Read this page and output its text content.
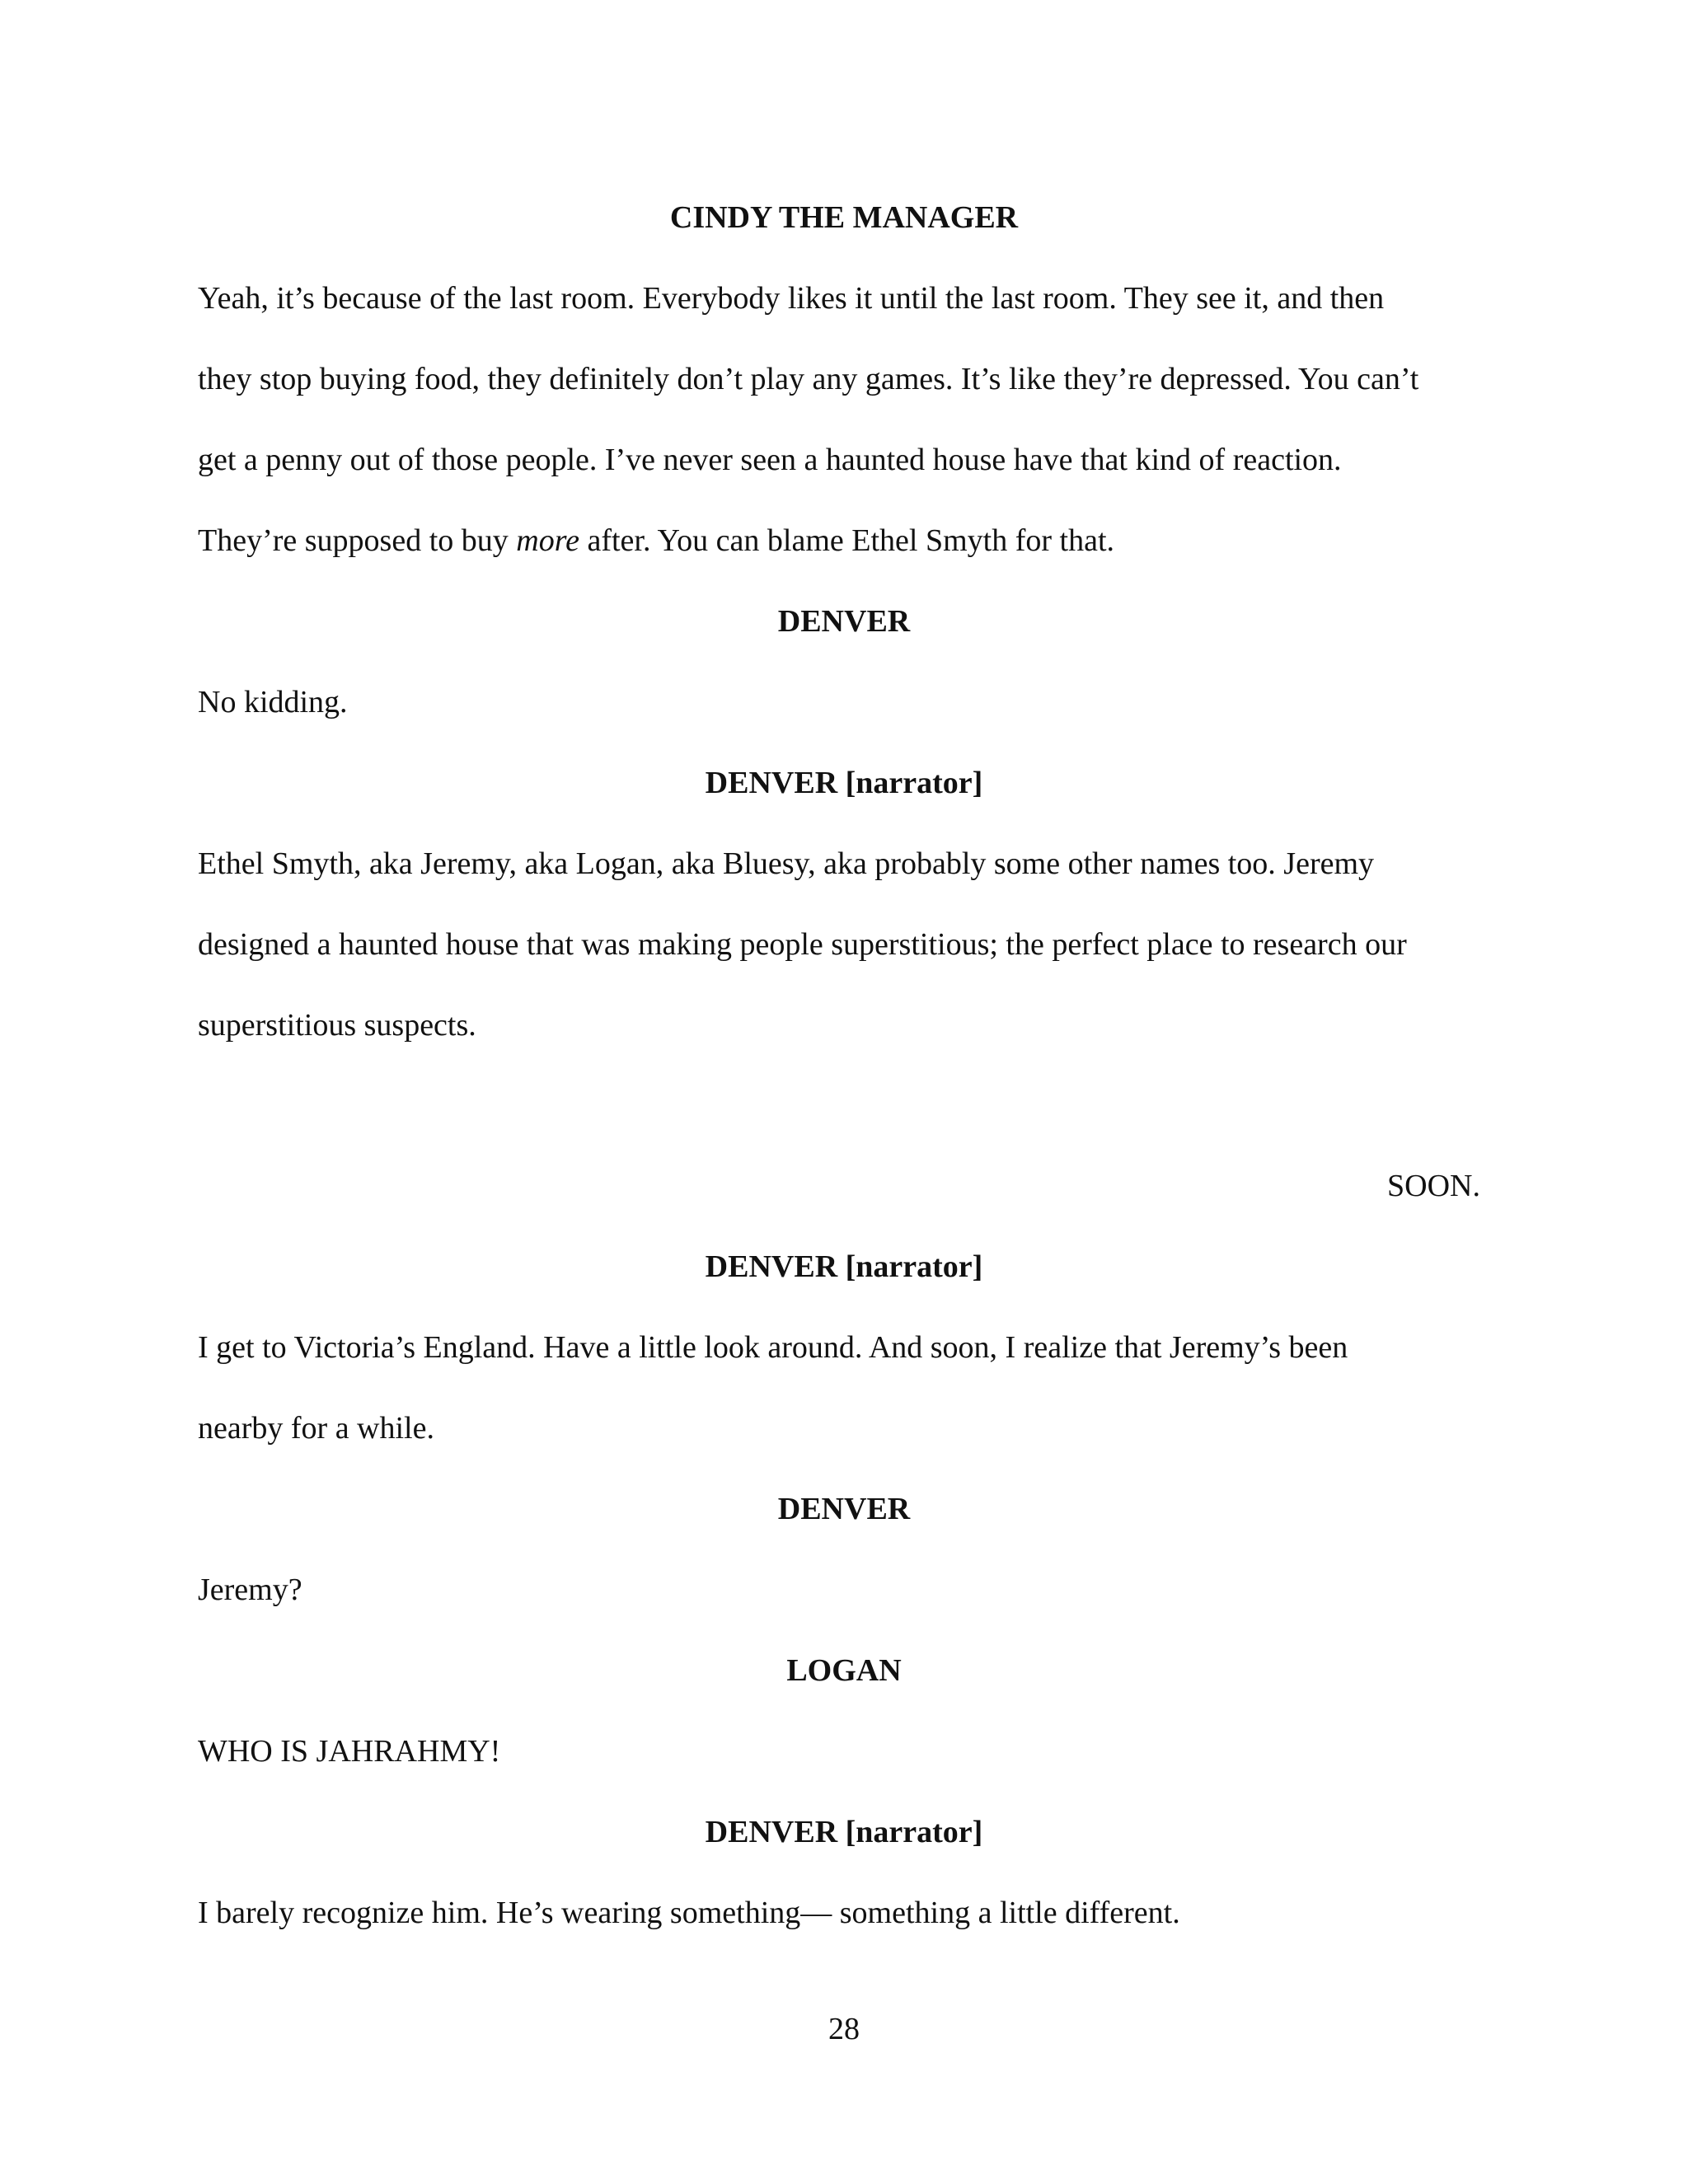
CINDY THE MANAGER
Yeah, it’s because of the last room. Everybody likes it until the last room. They see it, and then
they stop buying food, they definitely don’t play any games. It’s like they’re depressed. You can’t
get a penny out of those people. I’ve never seen a haunted house have that kind of reaction.
They’re supposed to buy more after. You can blame Ethel Smyth for that.
DENVER
No kidding.
DENVER [narrator]
Ethel Smyth, aka Jeremy, aka Logan, aka Bluesy, aka probably some other names too. Jeremy
designed a haunted house that was making people superstitious; the perfect place to research our
superstitious suspects.
SOON.
DENVER [narrator]
I get to Victoria’s England. Have a little look around. And soon, I realize that Jeremy’s been
nearby for a while.
DENVER
Jeremy?
LOGAN
WHO IS JAHRAHMY!
DENVER [narrator]
I barely recognize him. He’s wearing something— something a little different.
28
